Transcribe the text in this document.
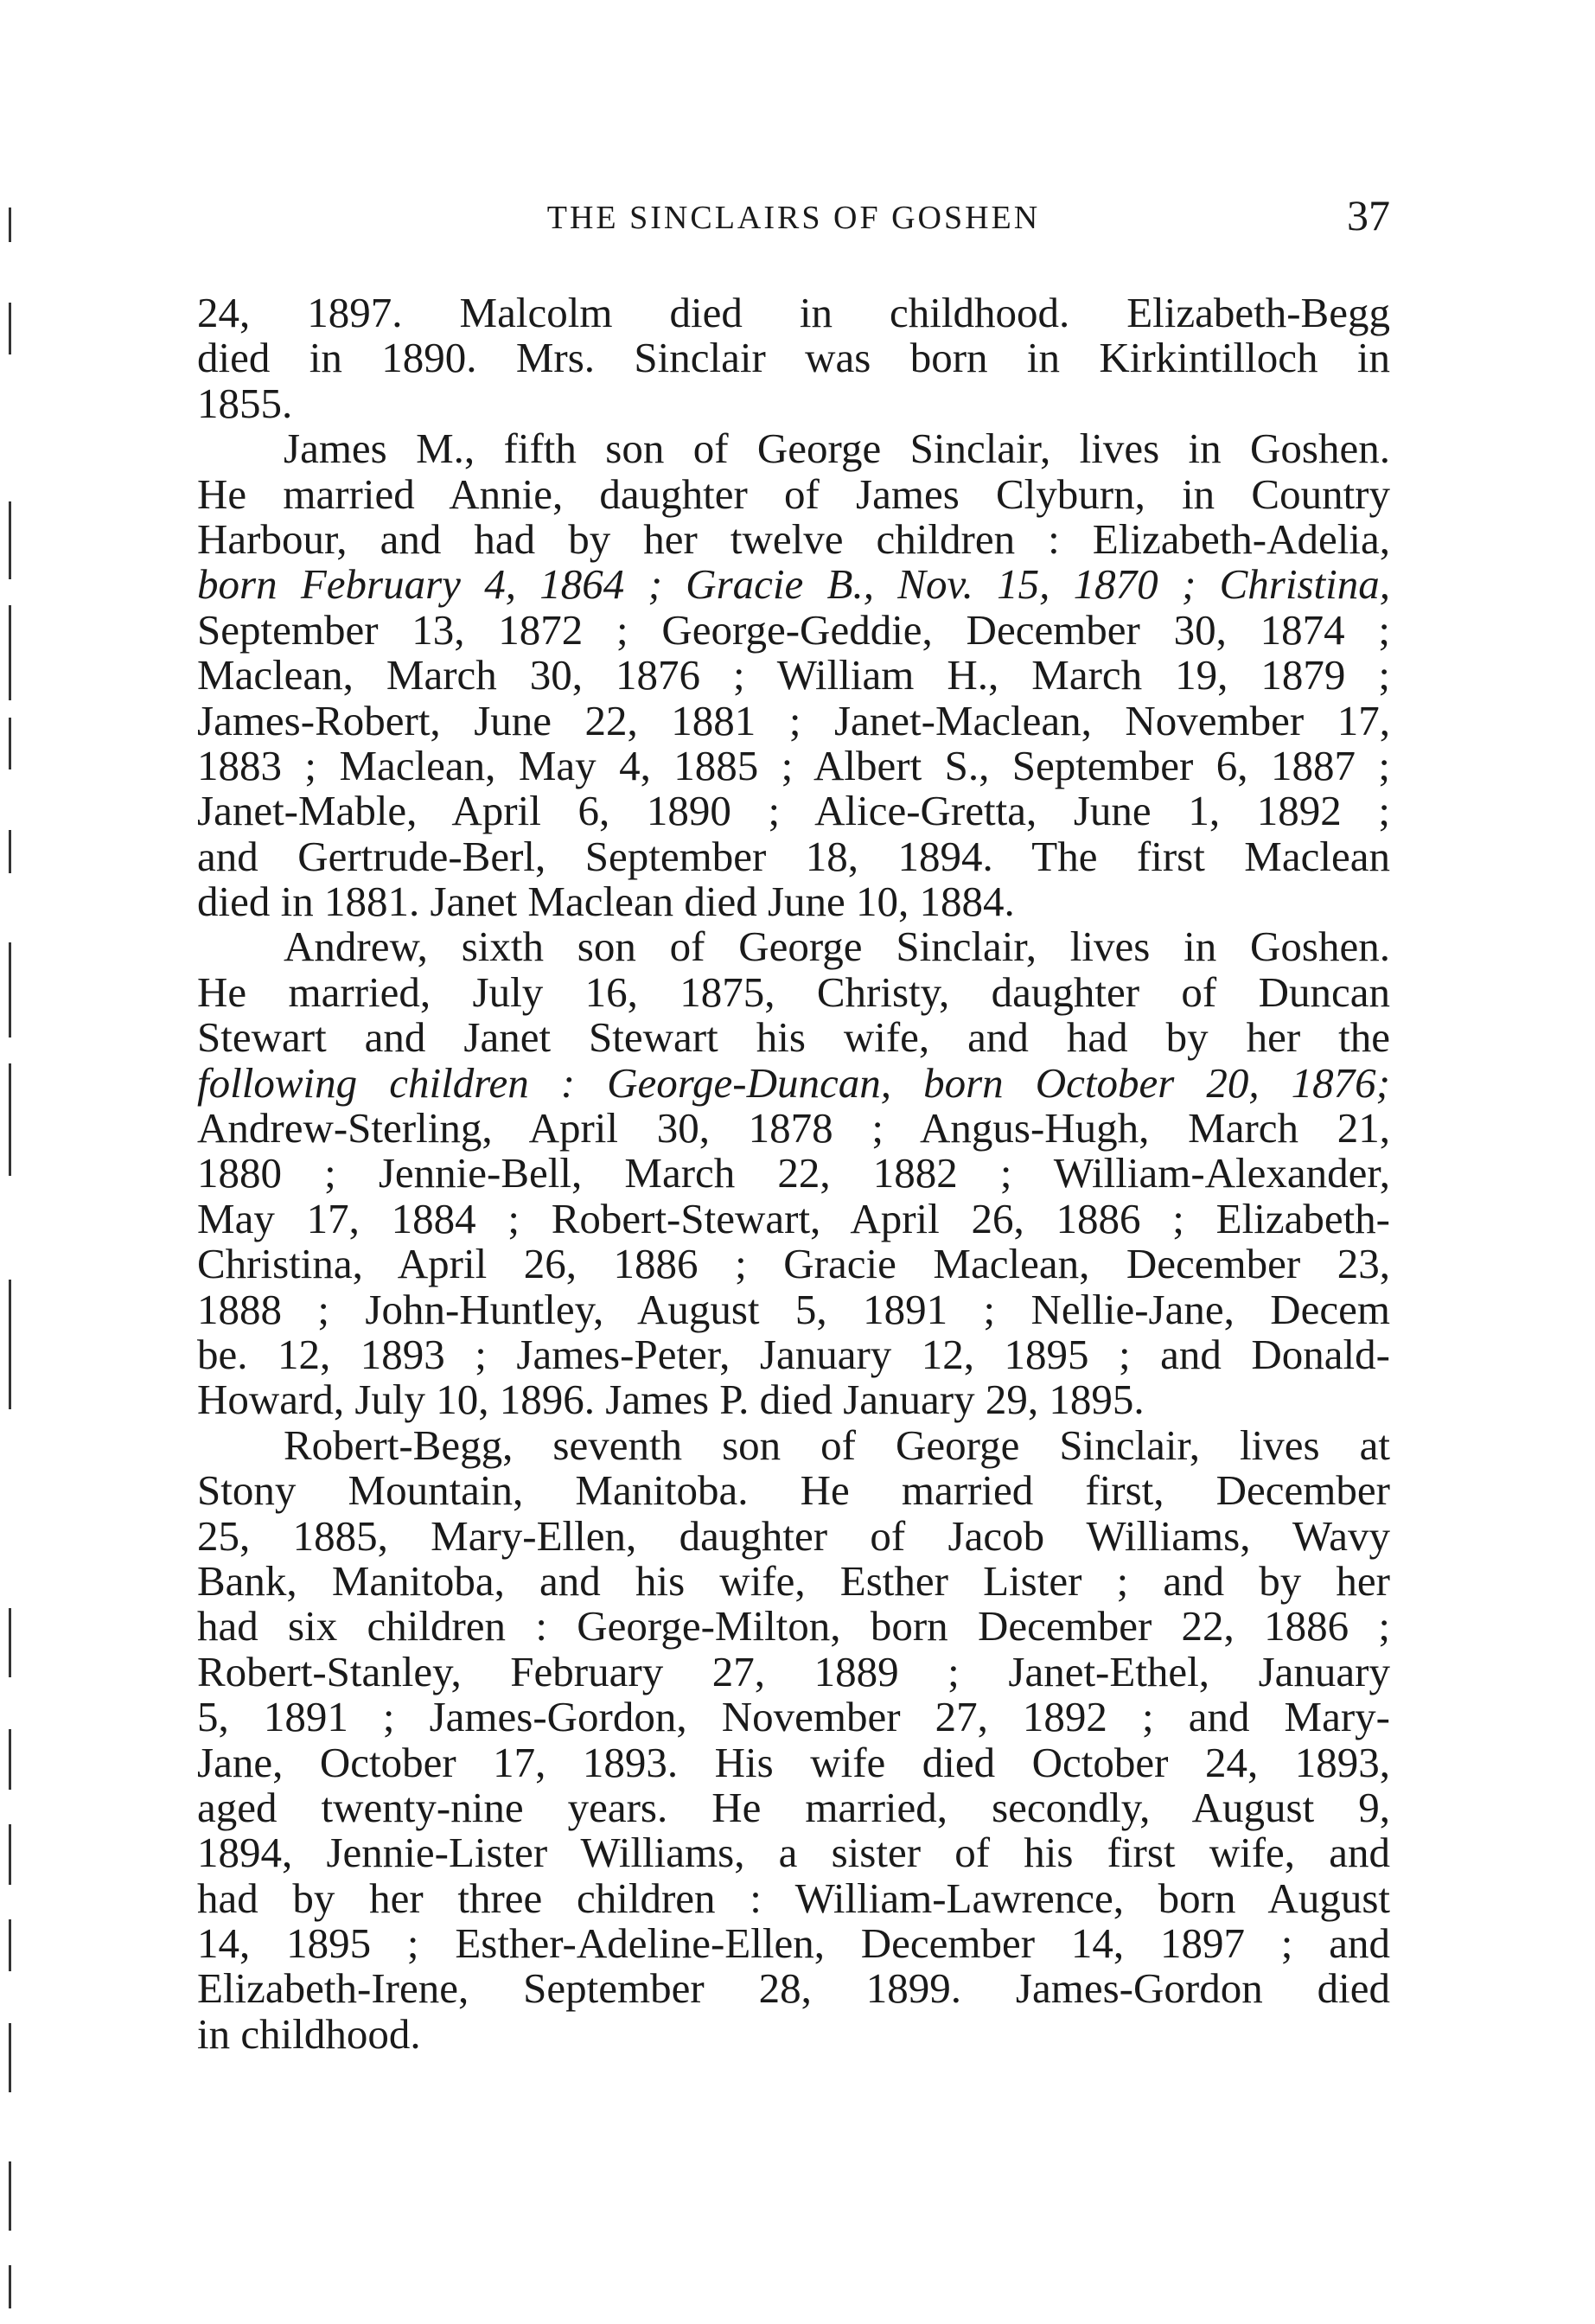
THE SINCLAIRS OF GOSHEN	37
24, 1897. Malcolm died in childhood. Elizabeth-Begg
died in 1890. Mrs. Sinclair was born in Kirkintilloch in
1855.
James M., fifth son of George Sinclair, lives in Goshen.
He married Annie, daughter of James Clyburn, in Country
Harbour, and had by her twelve children : Elizabeth-Adelia,
born February 4, 1864 ; Gracie B., Nov. 15, 1870 ; Christina,
September 13, 1872 ; George-Geddie, December 30, 1874 ;
Maclean, March 30, 1876 ; William H., March 19, 1879 ;
James-Robert, June 22, 1881 ; Janet-Maclean, November 17,
1883 ; Maclean, May 4, 1885 ; Albert S., September 6, 1887 ;
Janet-Mable, April 6, 1890 ; Alice-Gretta, June 1, 1892 ;
and Gertrude-Berl, September 18, 1894. The first Maclean
died in 1881. Janet Maclean died June 10, 1884.
Andrew, sixth son of George Sinclair, lives in Goshen.
He married, July 16, 1875, Christy, daughter of Duncan
Stewart and Janet Stewart his wife, and had by her the
following children : George-Duncan, born October 20, 1876;
Andrew-Sterling, April 30, 1878 ; Angus-Hugh, March 21,
1880 ; Jennie-Bell, March 22, 1882 ; William-Alexander,
May 17, 1884 ; Robert-Stewart, April 26, 1886 ; Elizabeth-
Christina, April 26, 1886 ; Gracie Maclean, December 23,
1888 ; John-Huntley, August 5, 1891 ; Nellie-Jane, Decem
be. 12, 1893 ; James-Peter, January 12, 1895 ; and Donald-
Howard, July 10, 1896. James P. died January 29, 1895.
Robert-Begg, seventh son of George Sinclair, lives at
Stony Mountain, Manitoba. He married first, December
25, 1885, Mary-Ellen, daughter of Jacob Williams, Wavy
Bank, Manitoba, and his wife, Esther Lister ; and by her
had six children : George-Milton, born December 22, 1886 ;
Robert-Stanley, February 27, 1889 ; Janet-Ethel, January
5, 1891 ; James-Gordon, November 27, 1892 ; and Mary-
Jane, October 17, 1893. His wife died October 24, 1893,
aged twenty-nine years. He married, secondly, August 9,
1894, Jennie-Lister Williams, a sister of his first wife, and
had by her three children : William-Lawrence, born August
14, 1895 ; Esther-Adeline-Ellen, December 14, 1897 ; and
Elizabeth-Irene, September 28, 1899. James-Gordon died
in childhood.
